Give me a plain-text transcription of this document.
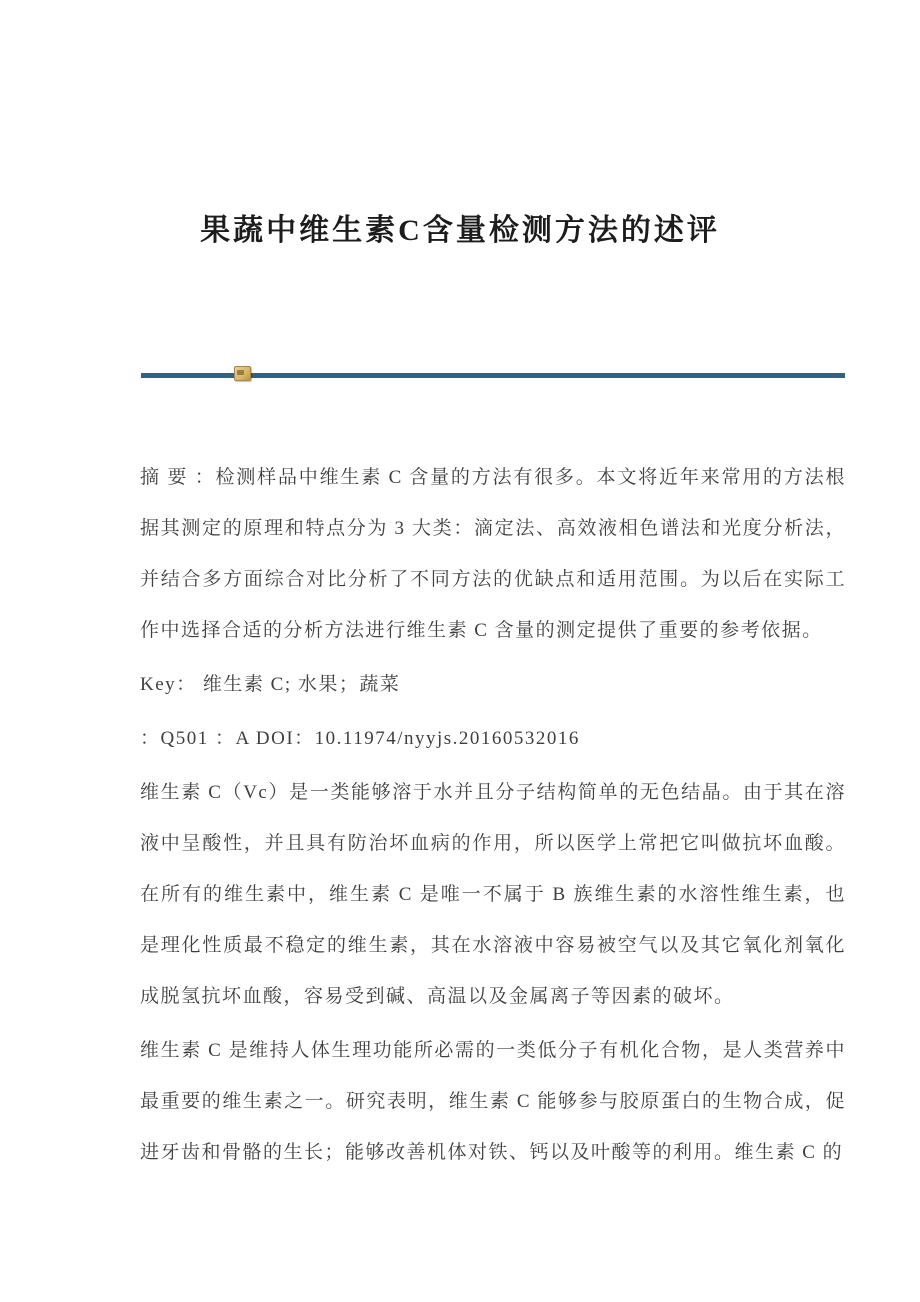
果蔬中维生素C含量检测方法的述评

摘 要 ：检测样品中维生素 C 含量的方法有很多。本文将近年来常用的方法根据其测定的原理和特点分为 3 大类：滴定法、高效液相色谱法和光度分析法，并结合多方面综合对比分析了不同方法的优缺点和适用范围。为以后在实际工作中选择合适的分析方法进行维生素 C 含量的测定提供了重要的参考依据。

Key： 维生素 C; 水果；蔬菜

：Q501 ：A DOI：10.11974/nyyjs.20160532016

维生素 C（Vc）是一类能够溶于水并且分子结构简单的无色结晶。由于其在溶液中呈酸性，并且具有防治坏血病的作用，所以医学上常把它叫做抗坏血酸。在所有的维生素中，维生素 C 是唯一不属于 B 族维生素的水溶性维生素，也是理化性质最不稳定的维生素，其在水溶液中容易被空气以及其它氧化剂氧化成脱氢抗坏血酸，容易受到碱、高温以及金属离子等因素的破坏。

维生素 C 是维持人体生理功能所必需的一类低分子有机化合物，是人类营养中最重要的维生素之一。研究表明，维生素 C 能够参与胶原蛋白的生物合成，促进牙齿和骨骼的生长；能够改善机体对铁、钙以及叶酸等的利用。维生素 C 的
